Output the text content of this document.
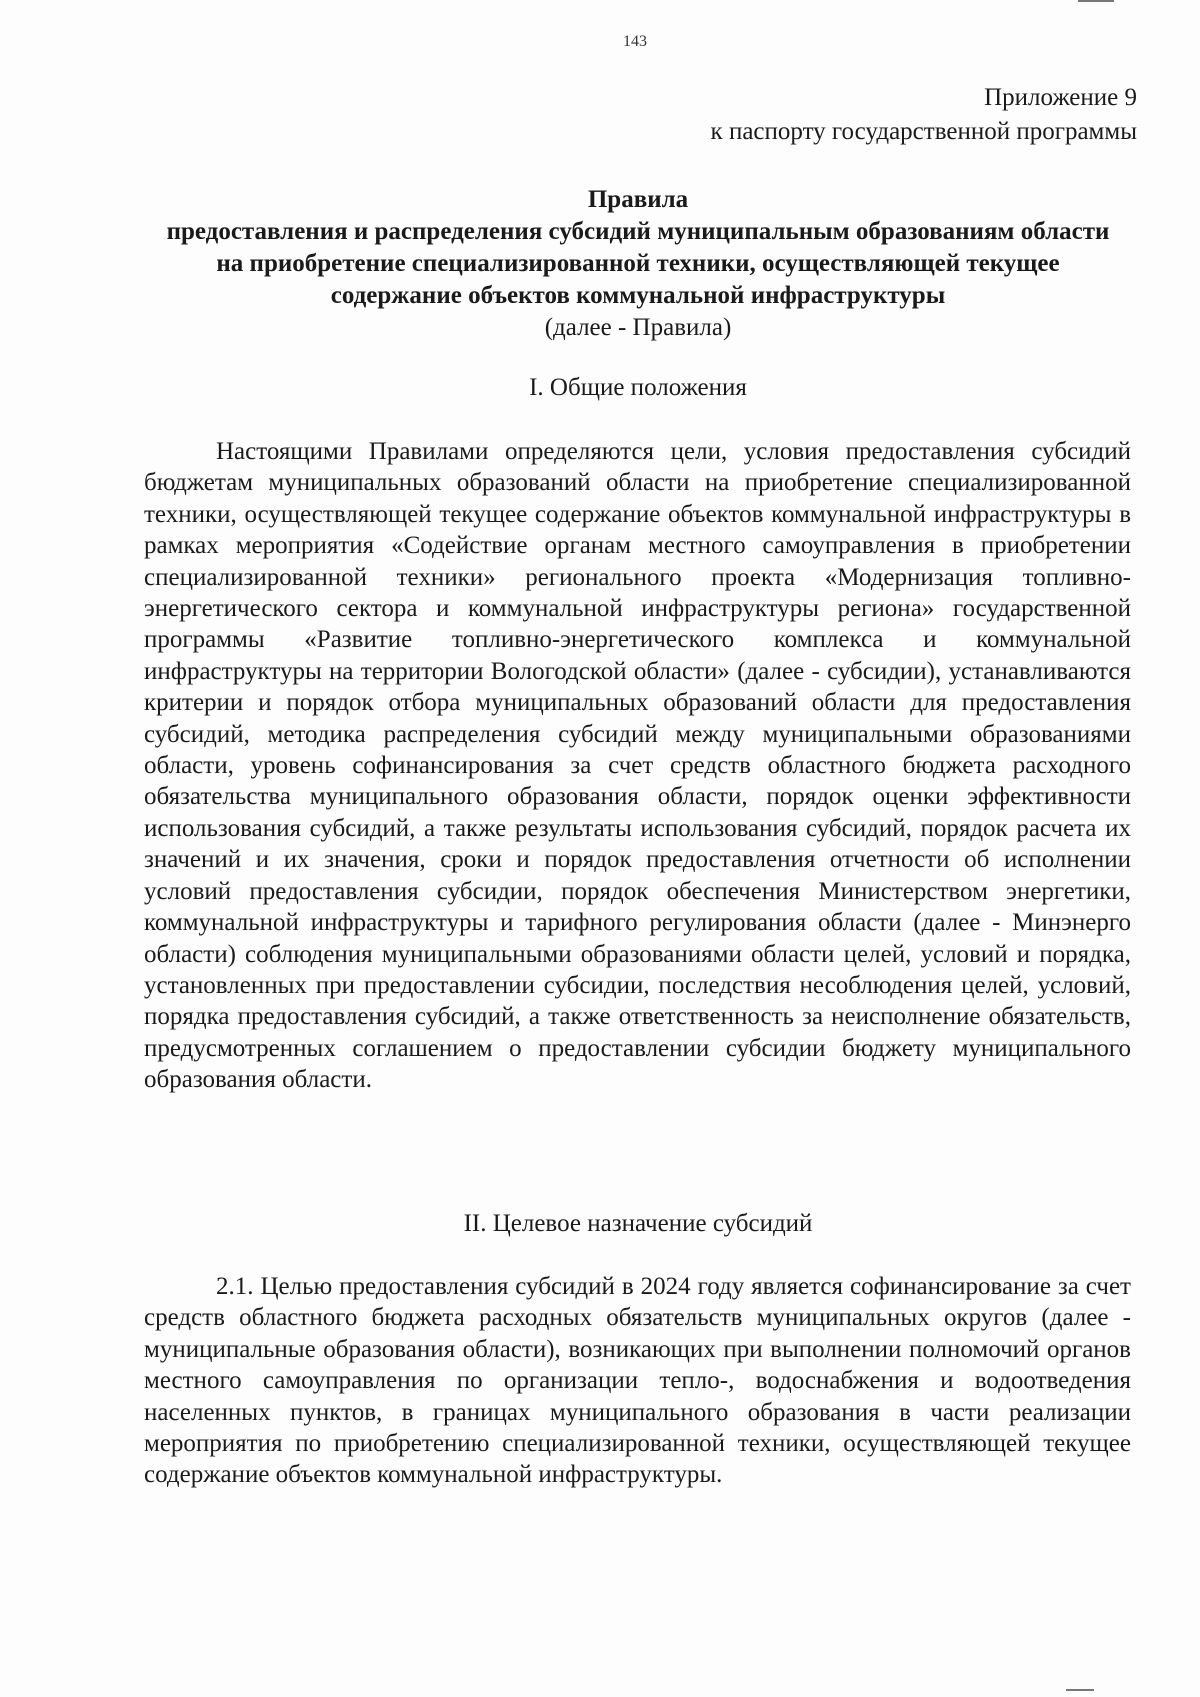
143
Приложение 9
к паспорту государственной программы
Правила
предоставления и распределения субсидий муниципальным образованиям области на приобретение специализированной техники, осуществляющей текущее содержание объектов коммунальной инфраструктуры
(далее - Правила)
I. Общие положения
Настоящими Правилами определяются цели, условия предоставления субсидий бюджетам муниципальных образований области на приобретение специализированной техники, осуществляющей текущее содержание объектов коммунальной инфраструктуры в рамках мероприятия «Содействие органам местного самоуправления в приобретении специализированной техники» регионального проекта «Модернизация топливно-энергетического сектора и коммунальной инфраструктуры региона» государственной программы «Развитие топливно-энергетического комплекса и коммунальной инфраструктуры на территории Вологодской области» (далее - субсидии), устанавливаются критерии и порядок отбора муниципальных образований области для предоставления субсидий, методика распределения субсидий между муниципальными образованиями области, уровень софинансирования за счет средств областного бюджета расходного обязательства муниципального образования области, порядок оценки эффективности использования субсидий, а также результаты использования субсидий, порядок расчета их значений и их значения, сроки и порядок предоставления отчетности об исполнении условий предоставления субсидии, порядок обеспечения Министерством энергетики, коммунальной инфраструктуры и тарифного регулирования области (далее - Минэнерго области) соблюдения муниципальными образованиями области целей, условий и порядка, установленных при предоставлении субсидии, последствия несоблюдения целей, условий, порядка предоставления субсидий, а также ответственность за неисполнение обязательств, предусмотренных соглашением о предоставлении субсидии бюджету муниципального образования области.
II. Целевое назначение субсидий
2.1. Целью предоставления субсидий в 2024 году является софинансирование за счет средств областного бюджета расходных обязательств муниципальных округов (далее - муниципальные образования области), возникающих при выполнении полномочий органов местного самоуправления по организации тепло-, водоснабжения и водоотведения населенных пунктов, в границах муниципального образования в части реализации мероприятия по приобретению специализированной техники, осуществляющей текущее содержание объектов коммунальной инфраструктуры.
